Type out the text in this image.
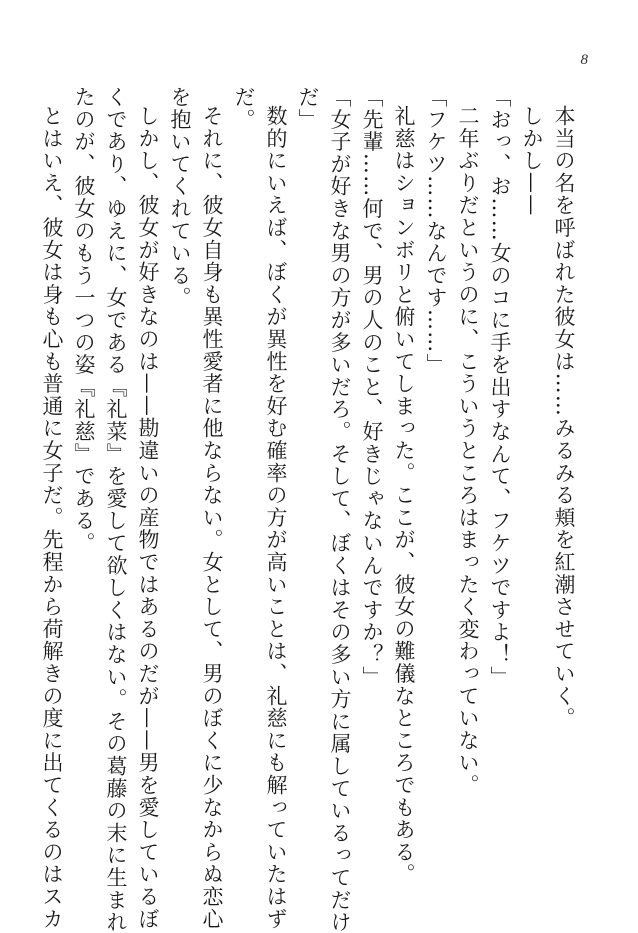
8
本当の名を呼ばれた彼女は……みるみる頬を紅潮させていく。
しかし——
「おっ、お……女のコに手を出すなんて、フケツですよ！」
二年ぶりだというのに、こういうところはまったく変わっていない。
「フケツ……なんです……」
礼慈はションボリと俯いてしまった。ここが、彼女の難儀なところでもある。
「先輩……何で、男の人のこと、好きじゃないんですか？」
「女子が好きな男の方が多いだろ。そして、ぼくはその多い方に属しているってだけ
だ」
数的にいえば、ぼくが異性を好む確率の方が高いことは、礼慈にも解っていたはず
だ。
それに、彼女自身も異性愛者に他ならない。女として、男のぼくに少なからぬ恋心
を抱いてくれている。
しかし、彼女が好きなのは——勘違いの産物ではあるのだが——男を愛しているぼ
くであり、ゆえに、女である『礼菜』を愛して欲しくはない。その葛藤の末に生まれ
たのが、彼女のもう一つの姿『礼慈』である。
とはいえ、彼女は身も心も普通に女子だ。先程から荷解きの度に出てくるのはスカ
